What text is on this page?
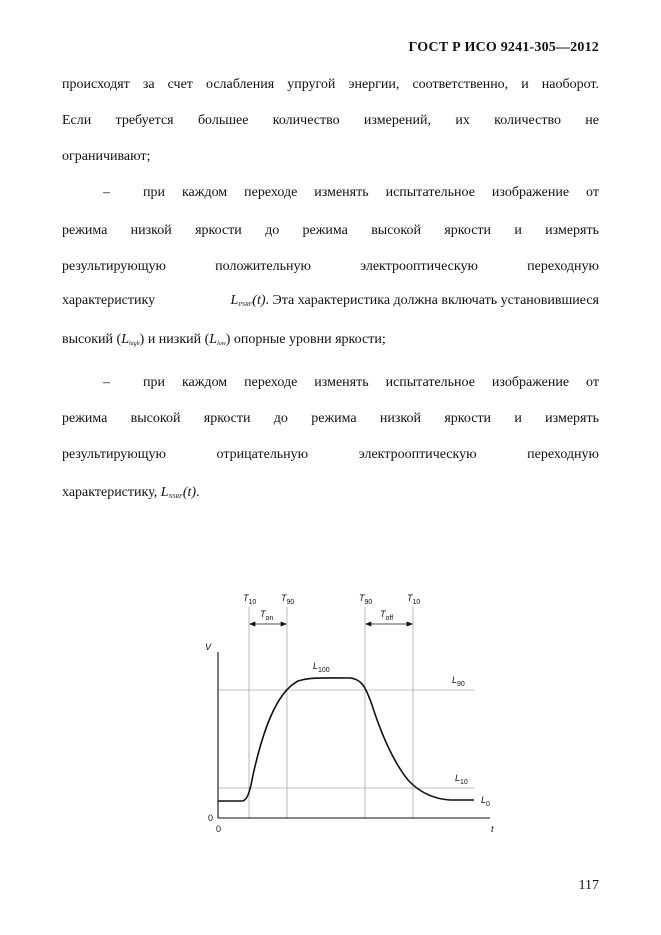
ГОСТ Р ИСО 9241-305—2012
происходят за счет ослабления упругой энергии, соответственно, и наоборот.
Если требуется большее количество измерений, их количество не
ограничивают;
– при каждом переходе изменять испытательное изображение от
режима низкой яркости до режима высокой яркости и измерять
результирующую положительную электрооптическую переходную
характеристику	$L_{PSRF}(t)$. Эта характеристика должна включать установившиеся
высокий $(L_{high})$ и низкий $(L_{low})$ опорные уровни яркости;
– при каждом переходе изменять испытательное изображение от
режима высокой яркости до режима низкой яркости и измерять
результирующую отрицательную электрооптическую переходную
характеристику, $L_{NSRF}(t)$.
$T_{10}$	$T_{90}$	$T_{90}$	$T_{10}$
$T_{on}$	$T_{off}$
V
$L_{100}$
$L_{90}$
$L_{10}$
$L_0$
0
0	t
117
